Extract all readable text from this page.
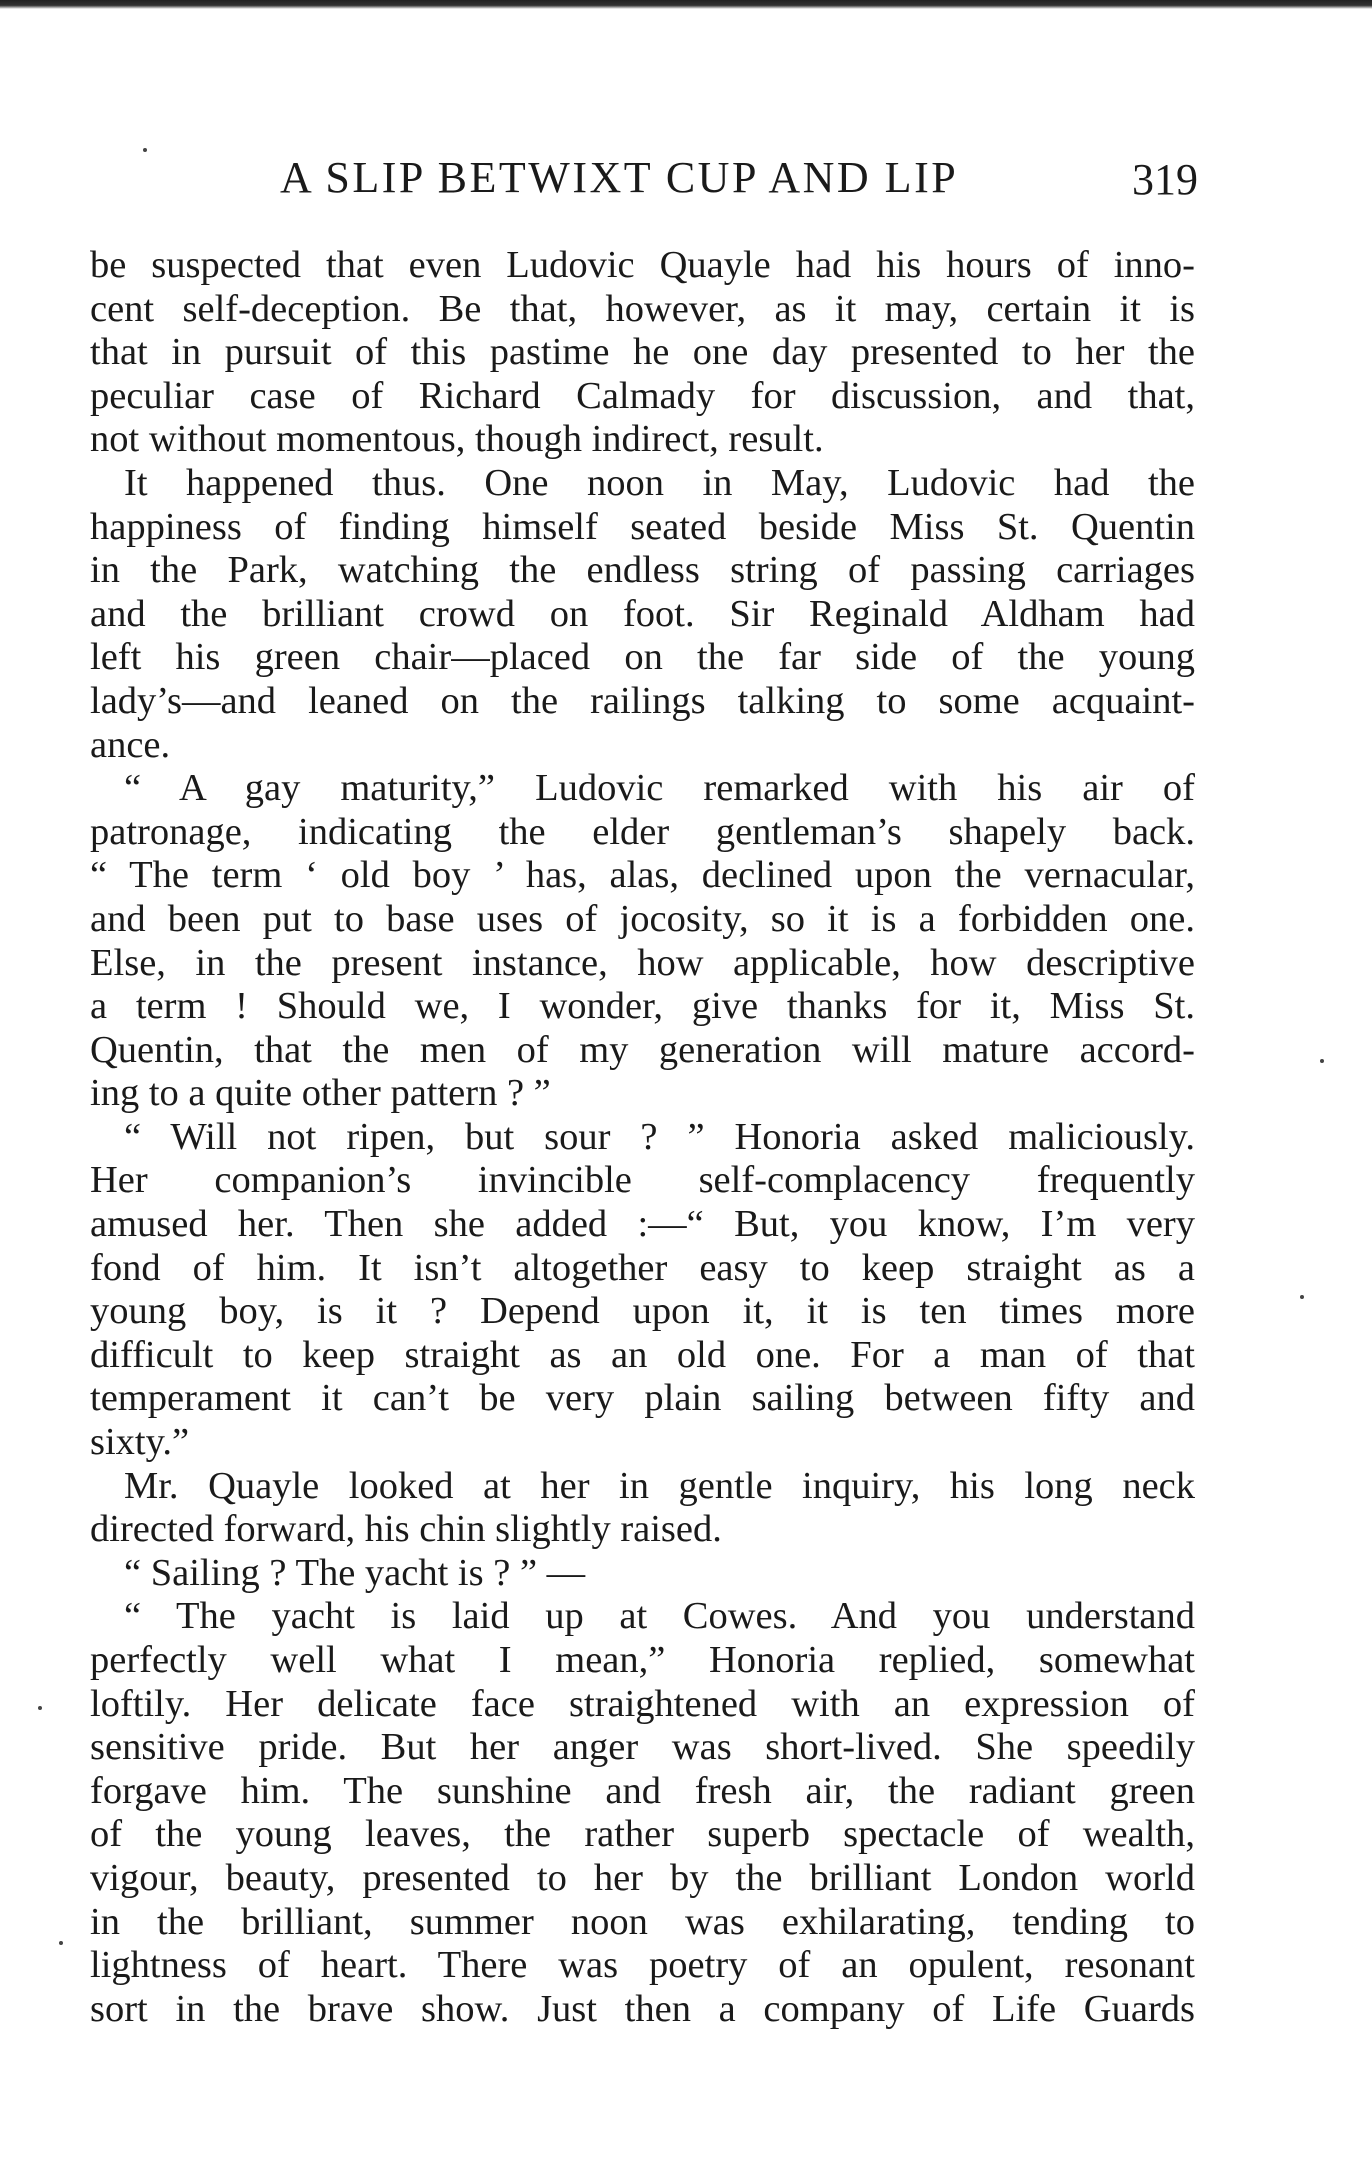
A SLIP BETWIXT CUP AND LIP	319
be suspected that even Ludovic Quayle had his hours of inno-
cent self-deception. Be that, however, as it may, certain it is
that in pursuit of this pastime he one day presented to her the
peculiar case of Richard Calmady for discussion, and that,
not without momentous, though indirect, result.
It happened thus. One noon in May, Ludovic had the
happiness of finding himself seated beside Miss St. Quentin
in the Park, watching the endless string of passing carriages
and the brilliant crowd on foot. Sir Reginald Aldham had
left his green chair—placed on the far side of the young
lady’s—and leaned on the railings talking to some acquaint-
ance.
“ A gay maturity,” Ludovic remarked with his air of
patronage, indicating the elder gentleman’s shapely back.
“ The term ‘ old boy ’ has, alas, declined upon the vernacular,
and been put to base uses of jocosity, so it is a forbidden one.
Else, in the present instance, how applicable, how descriptive
a term ! Should we, I wonder, give thanks for it, Miss St.
Quentin, that the men of my generation will mature accord-
ing to a quite other pattern ? ”
“ Will not ripen, but sour ? ” Honoria asked maliciously.
Her companion’s invincible self-complacency frequently
amused her. Then she added :—“ But, you know, I’m very
fond of him. It isn’t altogether easy to keep straight as a
young boy, is it ? Depend upon it, it is ten times more
difficult to keep straight as an old one. For a man of that
temperament it can’t be very plain sailing between fifty and
sixty.”
Mr. Quayle looked at her in gentle inquiry, his long neck
directed forward, his chin slightly raised.
“ Sailing ? The yacht is ? ” —
“ The yacht is laid up at Cowes. And you understand
perfectly well what I mean,” Honoria replied, somewhat
loftily. Her delicate face straightened with an expression of
sensitive pride. But her anger was short-lived. She speedily
forgave him. The sunshine and fresh air, the radiant green
of the young leaves, the rather superb spectacle of wealth,
vigour, beauty, presented to her by the brilliant London world
in the brilliant, summer noon was exhilarating, tending to
lightness of heart. There was poetry of an opulent, resonant
sort in the brave show. Just then a company of Life Guards
